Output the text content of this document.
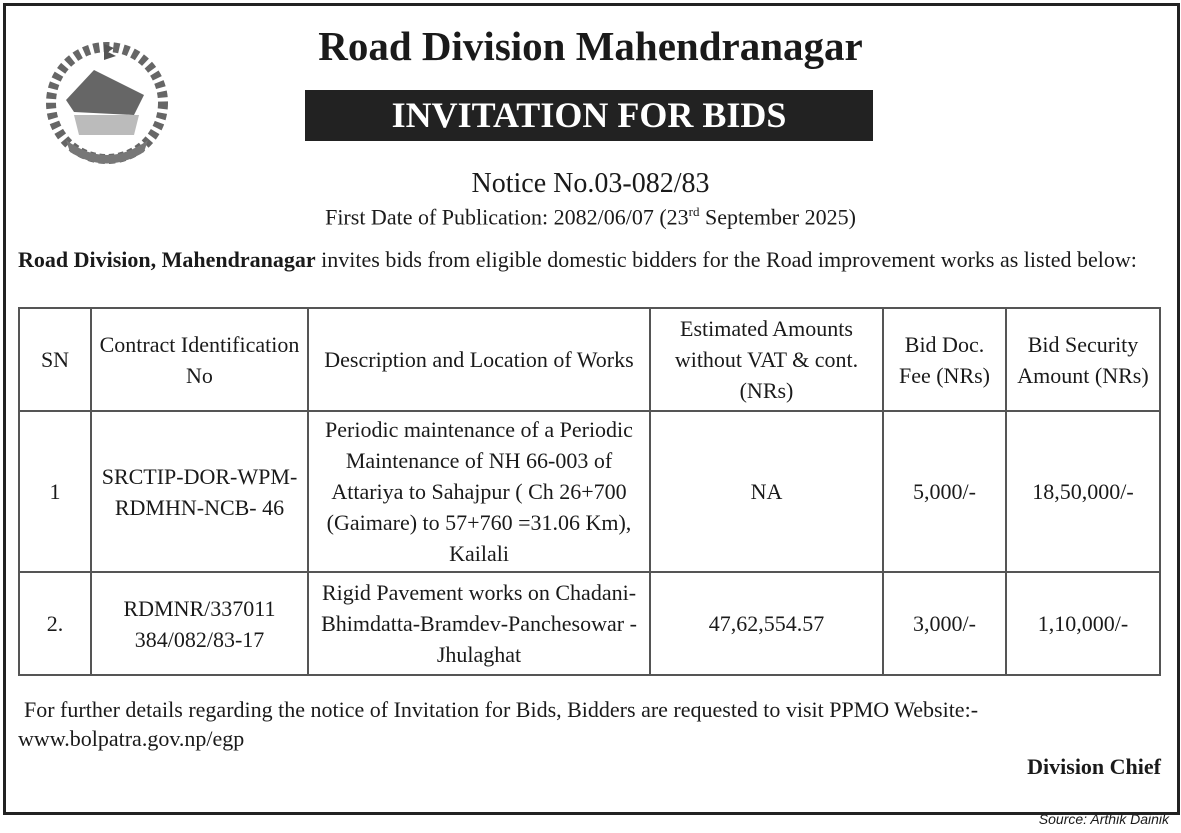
Road Division Mahendranagar
INVITATION FOR BIDS
Notice No.03-082/83
First Date of Publication: 2082/06/07 (23rd September 2025)
Road Division, Mahendranagar invites bids from eligible domestic bidders for the Road improvement works as listed below:
SN	Contract Identification No	Description and Location of Works	Estimated Amounts without VAT & cont. (NRs)	Bid Doc. Fee (NRs)	Bid Security Amount (NRs)
1	SRCTIP-DOR-WPM- RDMHN-NCB- 46	Periodic maintenance of a Periodic Maintenance of NH 66-003 of Attariya to Sahajpur ( Ch 26+700 (Gaimare) to 57+760 =31.06 Km), Kailali	NA	5,000/-	18,50,000/-
2.	RDMNR/337011 384/082/83-17	Rigid Pavement works on Chadani-Bhimdatta-Bramdev-Panchesowar - Jhulaghat	47,62,554.57	3,000/-	1,10,000/-
For further details regarding the notice of Invitation for Bids, Bidders are requested to visit PPMO Website:-
www.bolpatra.gov.np/egp
Division Chief
Source: Arthik Dainik
